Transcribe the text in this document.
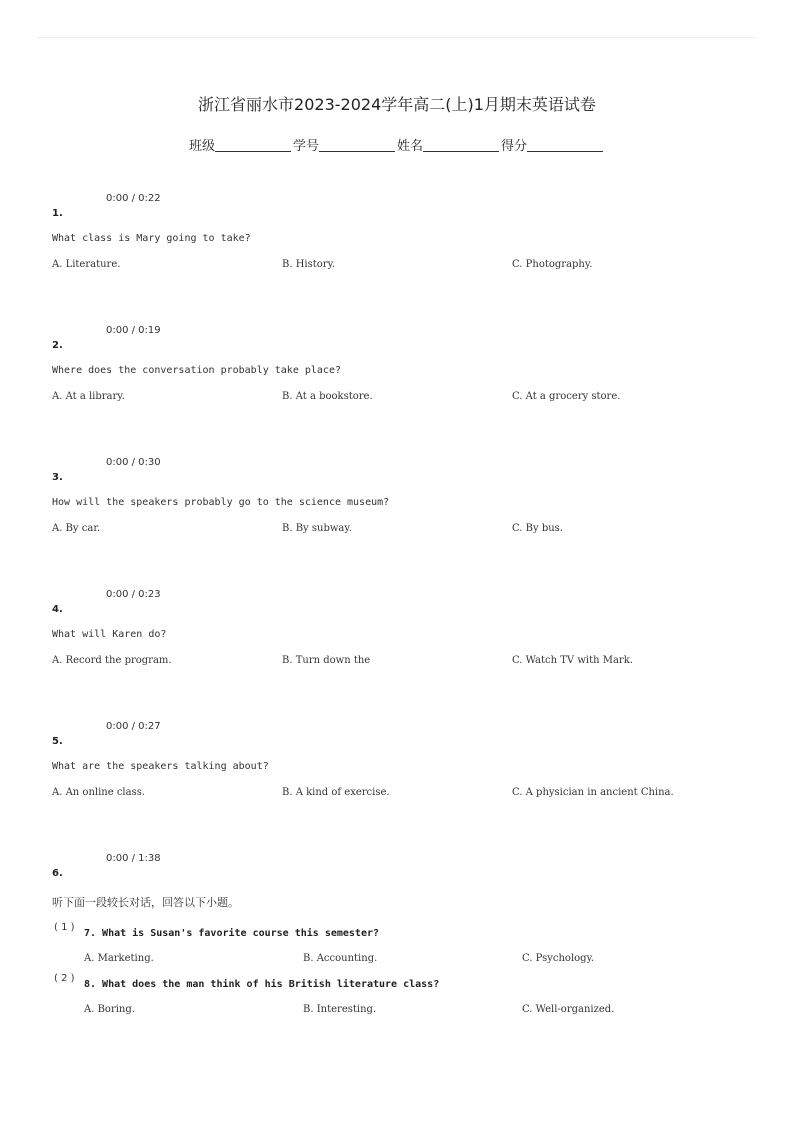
浙江省丽水市2023-2024学年高二(上)1月期末英语试卷
班级	学号	姓名	得分
0:00 / 0:22
1.
What class is Mary going to take?
A. Literature.	B. History.	C. Photography.
0:00 / 0:19
2.
Where does the conversation probably take place?
A. At a library.	B. At a bookstore.	C. At a grocery store.
0:00 / 0:30
3.
How will the speakers probably go to the science museum?
A. By car.	B. By subway.	C. By bus.
0:00 / 0:23
4.
What will Karen do?
A. Record the program.	B. Turn down the	C. Watch TV with Mark.
0:00 / 0:27
5.
What are the speakers talking about?
A. An online class.	B. A kind of exercise.	C. A physician in ancient China.
0:00 / 1:38
6.
听下面一段较长对话，回答以下小题。
( 1 )
7. What is Susan's favorite course this semester?
A. Marketing.	B. Accounting.	C. Psychology.
( 2 )
8. What does the man think of his British literature class?
A. Boring.	B. Interesting.	C. Well-organized.
